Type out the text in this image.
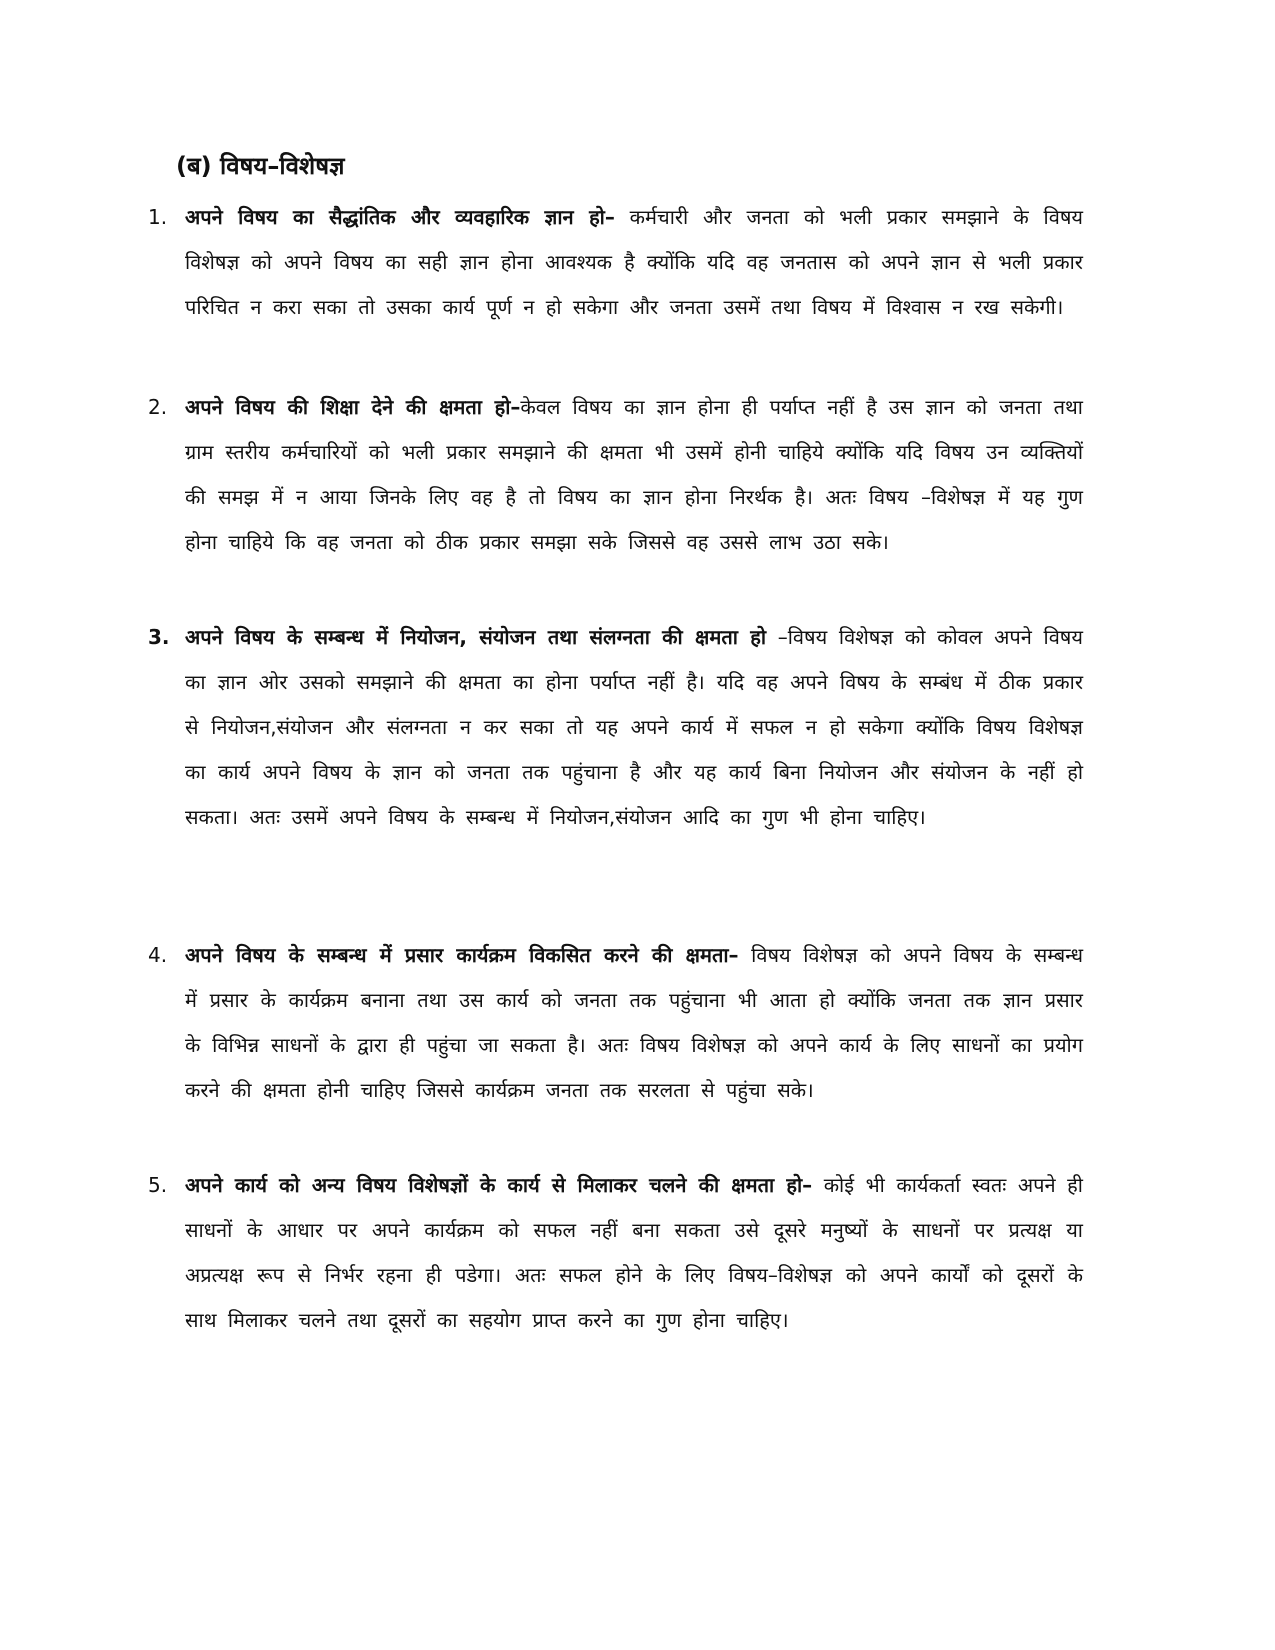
(ब) विषय–विशेषज्ञ
1. अपने विषय का सैद्धांतिक और व्यवहारिक ज्ञान हो– कर्मचारी और जनता को भली प्रकार समझाने के विषय विशेषज्ञ को अपने विषय का सही ज्ञान होना आवश्यक है क्योंकि यदि वह जनतास को अपने ज्ञान से भली प्रकार परिचित न करा सका तो उसका कार्य पूर्ण न हो सकेगा और जनता उसमें तथा विषय में विश्वास न रख सकेगी।
2. अपने विषय की शिक्षा देने की क्षमता हो–केवल विषय का ज्ञान होना ही पर्याप्त नहीं है उस ज्ञान को जनता तथा ग्राम स्तरीय कर्मचारियों को भली प्रकार समझाने की क्षमता भी उसमें होनी चाहिये क्योंकि यदि विषय उन व्यक्तियों की समझ में न आया जिनके लिए वह है तो विषय का ज्ञान होना निरर्थक है। अतः विषय –विशेषज्ञ में यह गुण होना चाहिये कि वह जनता को ठीक प्रकार समझा सके जिससे वह उससे लाभ उठा सके।
3. अपने विषय के सम्बन्ध में नियोजन, संयोजन तथा संलग्नता की क्षमता हो –विषय विशेषज्ञ को कोवल अपने विषय का ज्ञान ओर उसको समझाने की क्षमता का होना पर्याप्त नहीं है। यदि वह अपने विषय के सम्बंध में ठीक प्रकार से नियोजन,संयोजन और संलग्नता न कर सका तो यह अपने कार्य में सफल न हो सकेगा क्योंकि विषय विशेषज्ञ का कार्य अपने विषय के ज्ञान को जनता तक पहुंचाना है और यह कार्य बिना नियोजन और संयोजन के नहीं हो सकता। अतः उसमें अपने विषय के सम्बन्ध में नियोजन,संयोजन आदि का गुण भी होना चाहिए।
4. अपने विषय के सम्बन्ध में प्रसार कार्यक्रम विकसित करने की क्षमता– विषय विशेषज्ञ को अपने विषय के सम्बन्ध में प्रसार के कार्यक्रम बनाना तथा उस कार्य को जनता तक पहुंचाना भी आता हो क्योंकि जनता तक ज्ञान प्रसार के विभिन्न साधनों के द्वारा ही पहुंचा जा सकता है। अतः विषय विशेषज्ञ को अपने कार्य के लिए साधनों का प्रयोग करने की क्षमता होनी चाहिए जिससे कार्यक्रम जनता तक सरलता से पहुंचा सके।
5. अपने कार्य को अन्य विषय विशेषज्ञों के कार्य से मिलाकर चलने की क्षमता हो– कोई भी कार्यकर्ता स्वतः अपने ही साधनों के आधार पर अपने कार्यक्रम को सफल नहीं बना सकता उसे दूसरे मनुष्यों के साधनों पर प्रत्यक्ष या अप्रत्यक्ष रूप से निर्भर रहना ही पडेगा। अतः सफल होने के लिए विषय–विशेषज्ञ को अपने कार्यों को दूसरों के साथ मिलाकर चलने तथा दूसरों का सहयोग प्राप्त करने का गुण होना चाहिए।
